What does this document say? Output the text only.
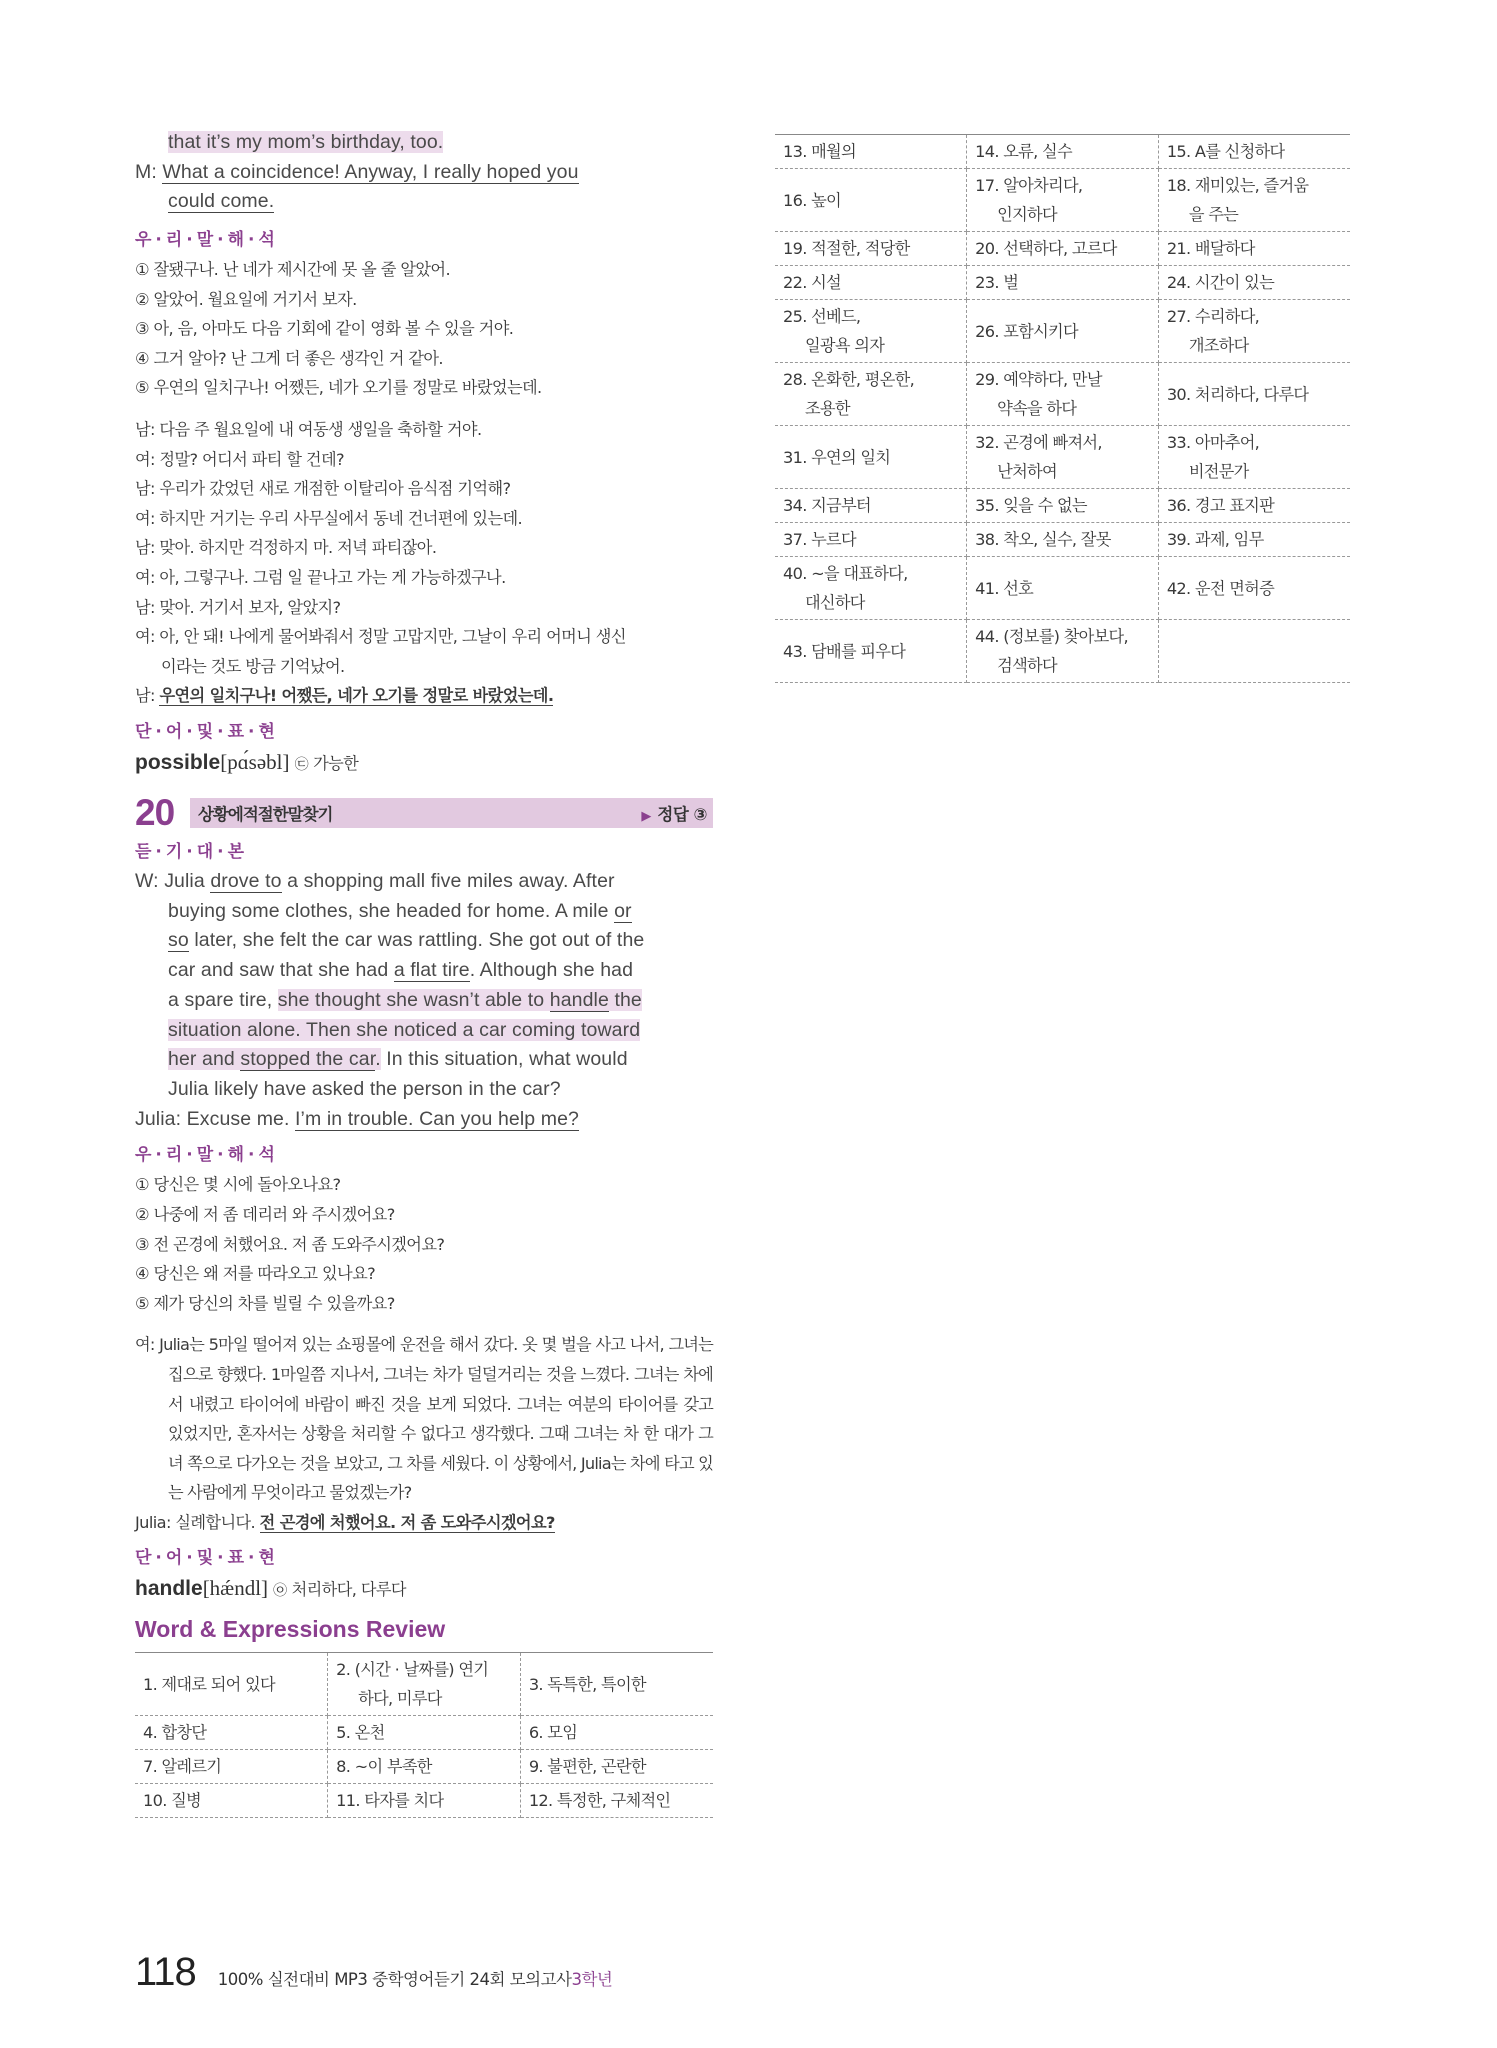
that it’s my mom’s birthday, too.
M: What a coincidence! Anyway, I really hoped you
could come.
우·리·말·해·석
① 잘됐구나. 난 네가 제시간에 못 올 줄 알았어.
② 알았어. 월요일에 거기서 보자.
③ 아, 음, 아마도 다음 기회에 같이 영화 볼 수 있을 거야.
④ 그거 알아? 난 그게 더 좋은 생각인 거 같아.
⑤ 우연의 일치구나! 어쨌든, 네가 오기를 정말로 바랐었는데.
남: 다음 주 월요일에 내 여동생 생일을 축하할 거야.
여: 정말? 어디서 파티 할 건데?
남: 우리가 갔었던 새로 개점한 이탈리아 음식점 기억해?
여: 하지만 거기는 우리 사무실에서 동네 건너편에 있는데.
남: 맞아. 하지만 걱정하지 마. 저녁 파티잖아.
여: 아, 그렇구나. 그럼 일 끝나고 가는 게 가능하겠구나.
남: 맞아. 거기서 보자, 알았지?
여: 아, 안 돼! 나에게 물어봐줘서 정말 고맙지만, 그날이 우리 어머니 생신
이라는 것도 방금 기억났어.
남: 우연의 일치구나! 어쨌든, 네가 오기를 정말로 바랐었는데.
단·어·및·표·현
possible[pɑ́səbl] ㉢ 가능한
20	상황에적절한말찾기	▶ 정답 ③
듣·기·대·본
W: Julia drove to a shopping mall five miles away. After
buying some clothes, she headed for home. A mile or
so later, she felt the car was rattling. She got out of the
car and saw that she had a flat tire. Although she had
a spare tire, she thought she wasn’t able to handle the
situation alone. Then she noticed a car coming toward
her and stopped the car. In this situation, what would
Julia likely have asked the person in the car?
Julia: Excuse me. I’m in trouble. Can you help me?
우·리·말·해·석
① 당신은 몇 시에 돌아오나요?
② 나중에 저 좀 데리러 와 주시겠어요?
③ 전 곤경에 처했어요. 저 좀 도와주시겠어요?
④ 당신은 왜 저를 따라오고 있나요?
⑤ 제가 당신의 차를 빌릴 수 있을까요?
여: Julia는 5마일 떨어져 있는 쇼핑몰에 운전을 해서 갔다. 옷 몇 벌을 사고 나서, 그녀는 집으로 향했다. 1마일쯤 지나서, 그녀는 차가 덜덜거리는 것을 느꼈다. 그녀는 차에서 내렸고 타이어에 바람이 빠진 것을 보게 되었다. 그녀는 여분의 타이어를 갖고 있었지만, 혼자서는 상황을 처리할 수 없다고 생각했다. 그때 그녀는 차 한 대가 그녀 쪽으로 다가오는 것을 보았고, 그 차를 세웠다. 이 상황에서, Julia는 차에 타고 있는 사람에게 무엇이라고 물었겠는가?
Julia: 실례합니다. 전 곤경에 처했어요. 저 좀 도와주시겠어요?
단·어·및·표·현
handle[hǽndl] ㉧ 처리하다, 다루다
Word & Expressions Review
1. 제대로 되어 있다	2. (시간 · 날짜를) 연기
하다, 미루다	3. 독특한, 특이한
4. 합창단	5. 온천	6. 모임
7. 알레르기	8. ~이 부족한	9. 불편한, 곤란한
10. 질병	11. 타자를 치다	12. 특정한, 구체적인
13. 매월의	14. 오류, 실수	15. A를 신청하다
16. 높이	17. 알아차리다,
인지하다	18. 재미있는, 즐거움
을 주는

19. 적절한, 적당한	20. 선택하다, 고르다	21. 배달하다
22. 시설	23. 벌	24. 시간이 있는
25. 선베드,
일광욕 의자	26. 포함시키다	27. 수리하다,
개조하다

28. 온화한, 평온한,
조용한	29. 예약하다, 만날
약속을 하다	30. 처리하다, 다루다
31. 우연의 일치	32. 곤경에 빠져서,
난처하여	33. 아마추어,
비전문가

34. 지금부터	35. 잊을 수 없는	36. 경고 표지판
37. 누르다	38. 착오, 실수, 잘못	39. 과제, 임무
40. ~을 대표하다,
대신하다	41. 선호	42. 운전 면허증
43. 담배를 피우다	44. (정보를) 찾아보다,
검색하다	

118 100% 실전대비 MP3 중학영어듣기 24회 모의고사 3학년
